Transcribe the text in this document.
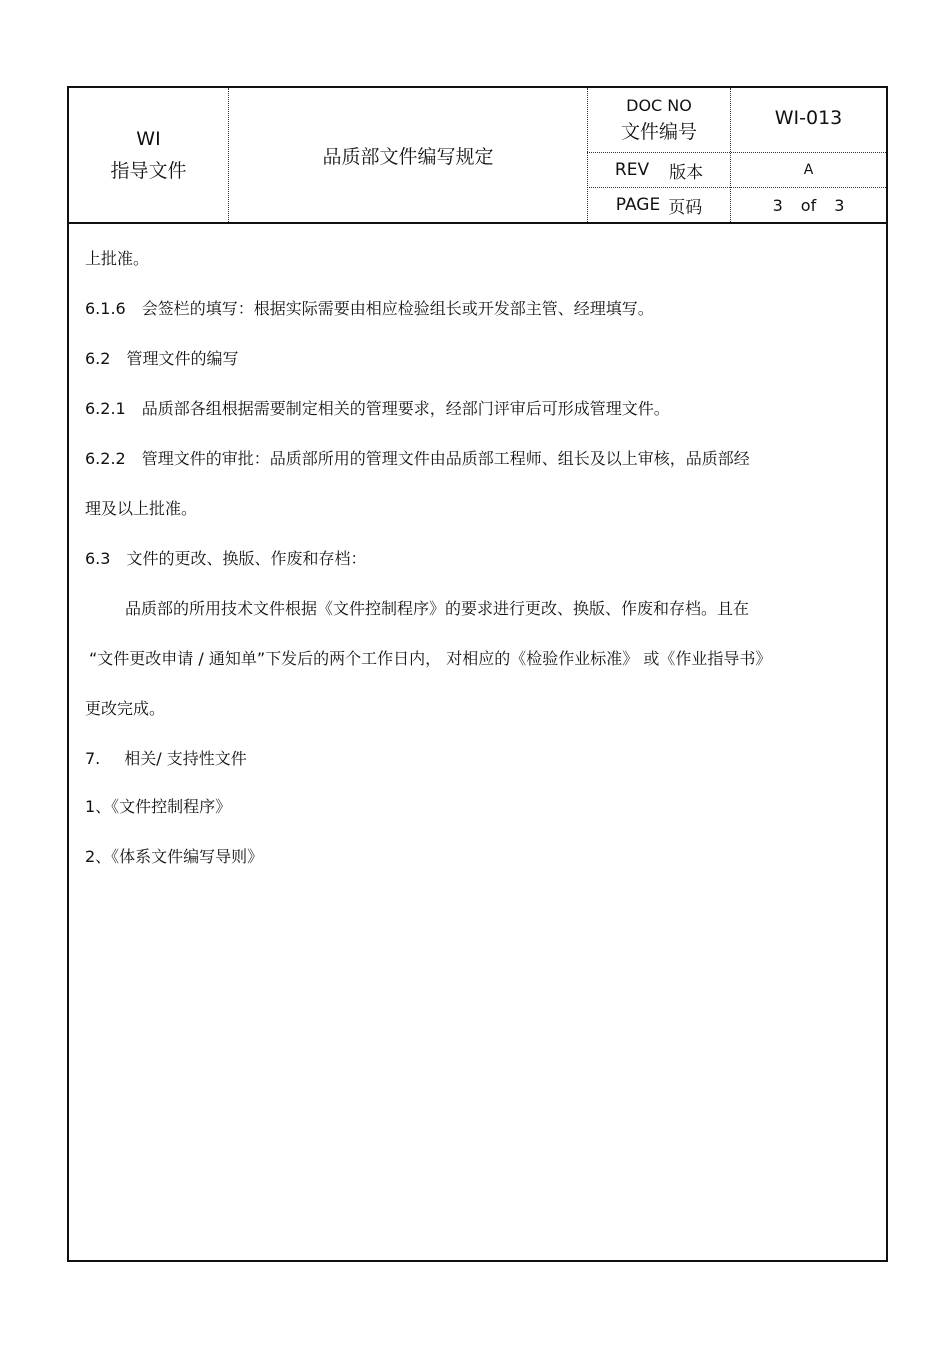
WI
指导文件
品质部文件编写规定
DOC NO
文件编号
WI-013
REV 版本	A
PAGE 页码	3 of 3
上批准。
6.1.6 会签栏的填写：根据实际需要由相应检验组长或开发部主管、经理填写。
6.2 管理文件的编写
6.2.1 品质部各组根据需要制定相关的管理要求，经部门评审后可形成管理文件。
6.2.2 管理文件的审批：品质部所用的管理文件由品质部工程师、组长及以上审核，品质部经
理及以上批准。
6.3 文件的更改、换版、作废和存档：
品质部的所用技术文件根据《文件控制程序》的要求进行更改、换版、作废和存档。且在
“文件更改申请 / 通知单”下发后的两个工作日内， 对相应的《检验作业标准》 或《作业指导书》
更改完成。
7. 相关/ 支持性文件
1、《文件控制程序》
2、《体系文件编写导则》
